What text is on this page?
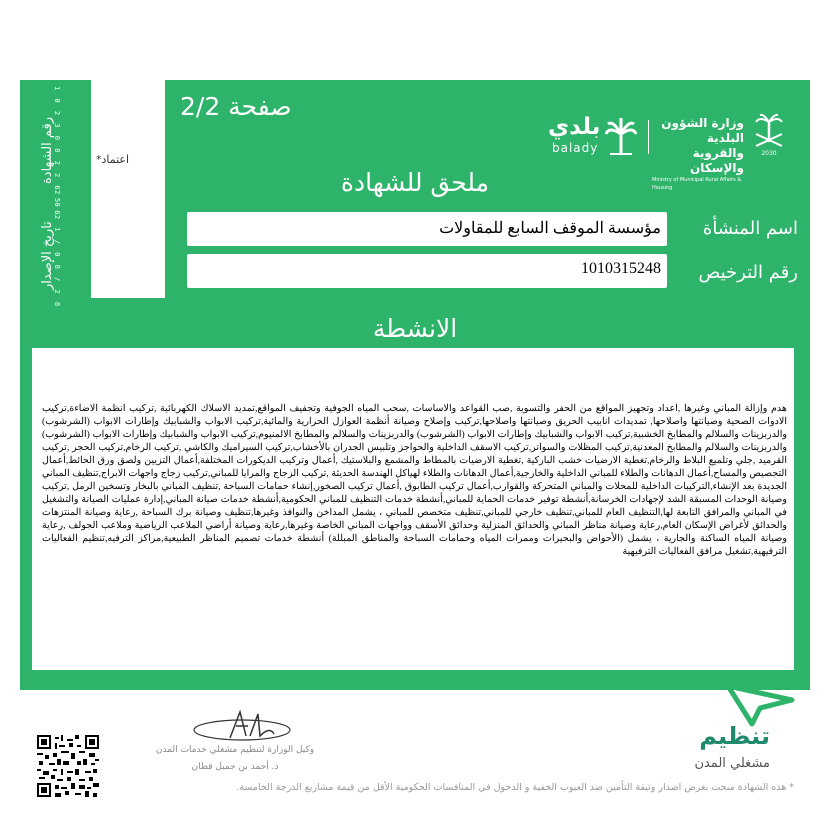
رقم الشهادة
1 0 2 3 0 8 2 2 6 5 6
تاريخ الإصدار
2 0 2 1 / 0 8 / 2 8
اعتماد*
صفحة 2/2
بلدي
balady
وزارة الشؤون البلدية
والقروية والإسكان
Ministry of Municipal Rural Affairs & Housing
2030
ملحق للشهادة
مؤسسة الموقف السابع للمقاولات	اسم المنشأة
1010315248	رقم الترخيص
الانشطة
هدم وإزالة المباني وغيرها ,اعداد وتجهيز المواقع من الحفر والتسوية ,صب القواعد والاساسات ,سحب المياه الجوفية وتجفيف المواقع,تمديد الاسلاك الكهربائية ,تركيب انظمة الاضاءة,تركيب الادوات الصحية وصيانتها واصلاحها, تمديدات انابيب الحريق وصيانتها واصلاحها,تركيب وإصلاح وصيانة أنظمة العوازل الحرارية والمائية,تركيب الابواب والشبابيك وإطارات الابواب (الشرشوب) والدربزينات والسلالم والمطابخ الخشبية,تركيب الابواب والشبابيك وإطارات الابواب (الشرشوب) والدربزينات والسلالم والمطابخ الالمنيوم,تركيب الابواب والشبابيك وإطارات الابواب (الشرشوب) والدربزينات والسلالم والمطابخ المعدنية,تركيب المظلات والسواتر,تركيب الاسقف الداخلية والحواجز وتلبيس الجدران بالأخشاب,تركيب السيراميك والكاشي ,تركيب الرخام,تركيب الحجر ,تركيب القرميد ,جلي وتلميع البلاط والرخام,تغطية الارضيات خشب الباركية ,تغطية الارضيات بالمطاط والمشمع والبلاستيك ,أعمال وتركيب الديكورات المختلفة,أعمال التزيين ولصق ورق الحائط,أعمال التجصيص والمساح,أعمال الدهانات والطلاء للمباني الداخلية والخارجية,أعمال الدهانات والطلاء لهياكل الهندسة الحديثة ,تركيب الزجاج والمرايا للمباني,تركيب زجاج واجهات الابراج,تنظيف المباني الجديدة بعد الإنشاء,التركيبات الداخلية للمحلات والمباني المتحركة والقوارب,أعمال تركيب الطابوق ,أعمال تركيب الصخور,إنشاء حمامات السباحة ,تنظيف المباني بالبخار وتسخين الرمل ,تركيب وصيانة الوحدات المسبقة الشد لإجهادات الخرسانة,أنشطة توفير خدمات الحماية للمباني,أنشطة خدمات التنظيف للمباني الحكومية,أنشطة خدمات صيانة المباني,إدارة عمليات الصيانة والتشغيل في المباني والمرافق التابعة لها,التنظيف العام للمباني,تنظيف خارجي للمباني,تنظيف متخصص للمباني ، يشمل المداخن والنوافذ وغيرها,تنظيف وصيانة برك السباحة ,رعاية وصيانة المنتزهات والحدائق لأغراض الإسكان العام,رعاية وصيانة مناظر المباني والحدائق المنزلية وحدائق الأسقف وواجهات المباني الخاصة وغيرها,رعاية وصيانة أراضي الملاعب الرياضية وملاعب الجولف ,رعاية وصيانة المياه الساكنة والجارية ، يشمل (الأحواض والبحيرات وممرات المياه وحمامات السباحة والمناطق المبللة) أنشطة خدمات تصميم المناظر الطبيعية,مراكز الترفيه,تنظيم الفعاليات الترفيهية,تشغيل مرافق الفعاليات الترفيهية
وكيل الوزارة لتنظيم مشغلي خدمات المدن
د. أحمد بن جميل قطان
تنظيم
مشغلي المدن
* هذه الشهادة منحت بغرض اصدار وثيقة التأمين ضد العيوب الخفية و الدخول في المنافسات الحكومية الأقل من قيمة مشاريع الدرجة الخامسة.
